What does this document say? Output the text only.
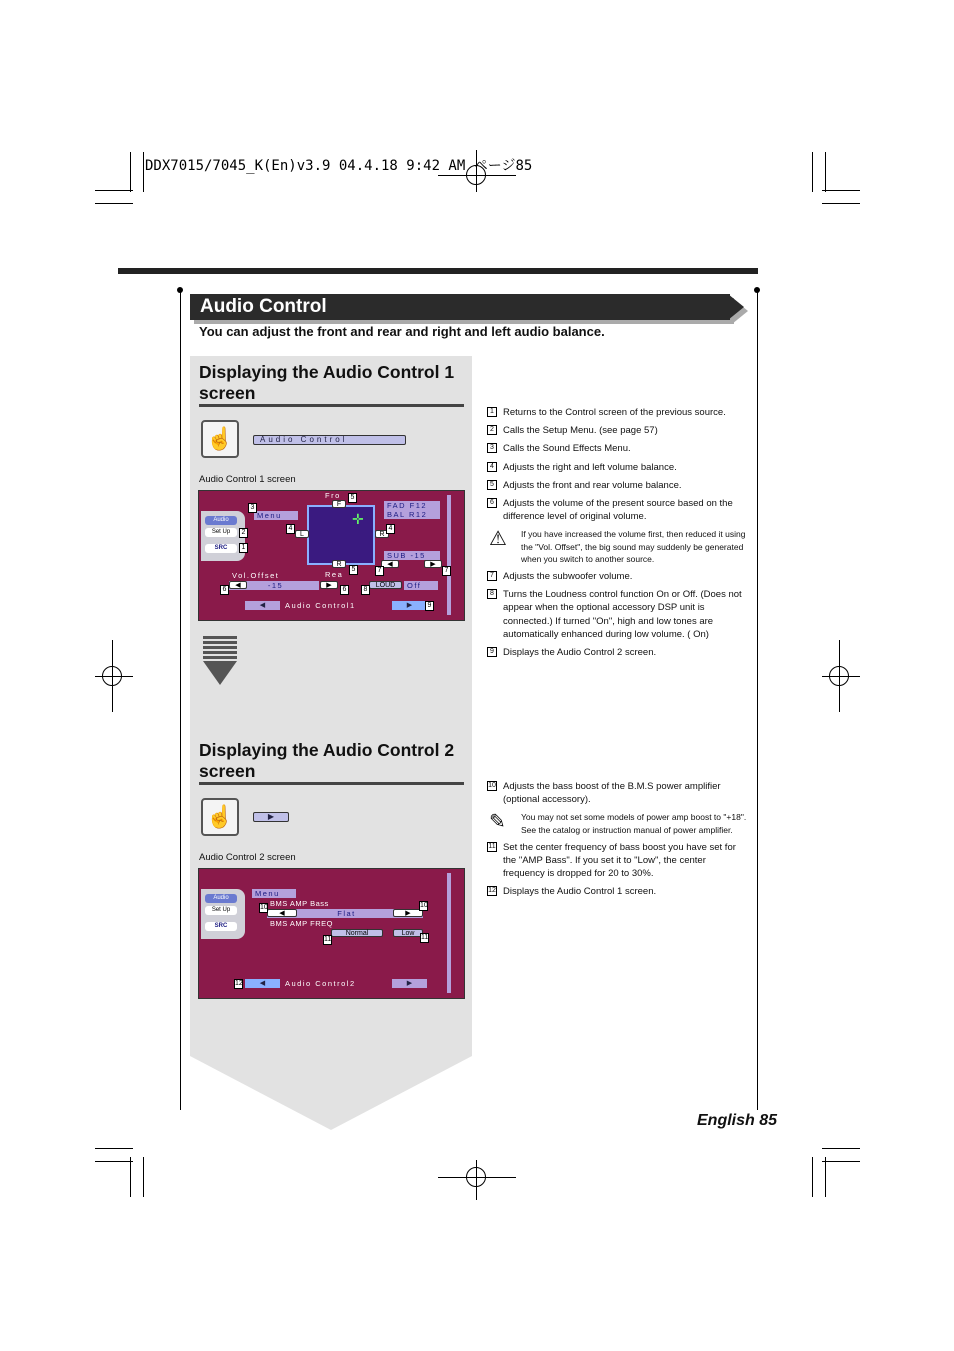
DDX7015/7045_K(En)v3.9 04.4.18 9:42 AM ページ85
Audio Control
You can adjust the front and rear and right and left audio balance.
Displaying the Audio Control 1 screen
☝	Audio Control
Audio Control 1 screen
Audio
Set Up
SRC
Menu	✛
Fro
Rea
F
R
L	R
FAD F12
BAL R12
SUB -15
◀	▶
Vol.Offset
-15
◀	▶	LOUD	Off
◀	Audio Control1	▶
1
2
3
4	4
5
5
6	6
7	7
8
9
Displaying the Audio Control 2 screen
☝	▶
Audio Control 2 screen
Audio
Set Up
SRC
Menu
BMS AMP Bass
Flat
◀	▶
BMS AMP FREQ
Normal	Low
◀	Audio Control2	▶
10	10
11	11
12
1 Returns to the Control screen of the previous source.
2 Calls the Setup Menu. (see page 57)
3 Calls the Sound Effects Menu.
4 Adjusts the right and left volume balance.
5 Adjusts the front and rear volume balance.
6 Adjusts the volume of the present source based on the difference level of original volume.
⚠ If you have increased the volume first, then reduced it using the "Vol. Offset", the big sound may suddenly be generated when you switch to another source.
7 Adjusts the subwoofer volume.
8 Turns the Loudness control function On or Off. (Does not appear when the optional accessory DSP unit is connected.) If turned "On", high and low tones are automatically enhanced during low volume. ( On)
9 Displays the Audio Control 2 screen.
10 Adjusts the bass boost of the B.M.S power amplifier (optional accessory).
✎ You may not set some models of power amp boost to "+18". See the catalog or instruction manual of power amplifier.
11 Set the center frequency of bass boost you have set for the "AMP Bass". If you set it to "Low", the center frequency is dropped for 20 to 30%.
12 Displays the Audio Control 1 screen.
English 85
